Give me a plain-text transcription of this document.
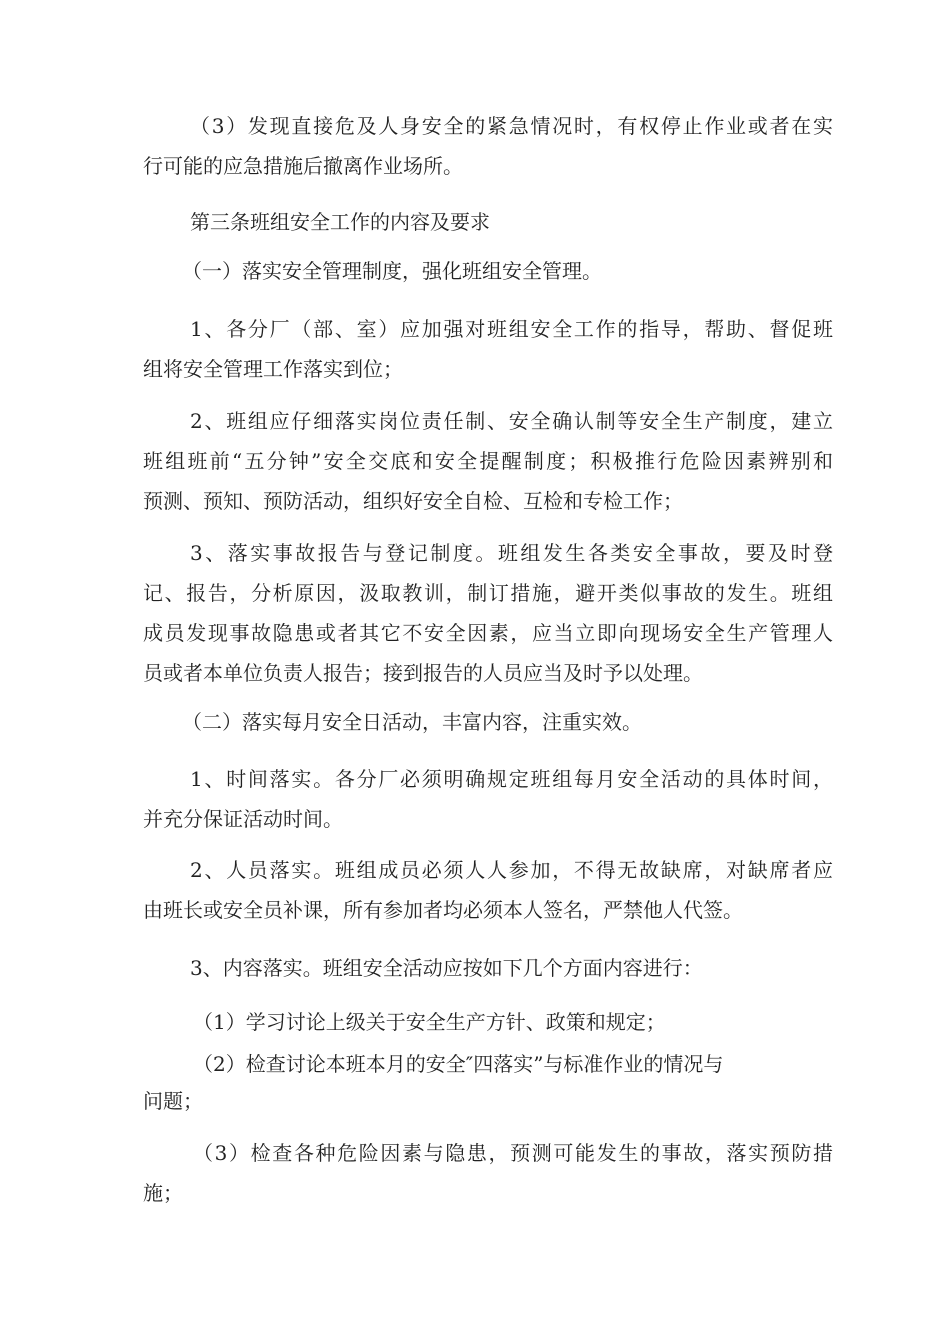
（3）发现直接危及人身安全的紧急情况时，有权停止作业或者在实
行可能的应急措施后撤离作业场所。
第三条班组安全工作的内容及要求
（一）落实安全管理制度，强化班组安全管理。
1、各分厂（部、室）应加强对班组安全工作的指导，帮助、督促班
组将安全管理工作落实到位；
2、班组应仔细落实岗位责任制、安全确认制等安全生产制度，建立
班组班前“五分钟”安全交底和安全提醒制度；积极推行危险因素辨别和
预测、预知、预防活动，组织好安全自检、互检和专检工作；
3、落实事故报告与登记制度。班组发生各类安全事故，要及时登
记、报告，分析原因，汲取教训，制订措施，避开类似事故的发生。班组
成员发现事故隐患或者其它不安全因素，应当立即向现场安全生产管理人
员或者本单位负责人报告；接到报告的人员应当及时予以处理。
（二）落实每月安全日活动，丰富内容，注重实效。
1、时间落实。各分厂必须明确规定班组每月安全活动的具体时间，
并充分保证活动时间。
2、人员落实。班组成员必须人人参加，不得无故缺席，对缺席者应
由班长或安全员补课，所有参加者均必须本人签名，严禁他人代签。
3、内容落实。班组安全活动应按如下几个方面内容进行：
（1）学习讨论上级关于安全生产方针、政策和规定；
（2）检查讨论本班本月的安全″四落实”与标准作业的情况与
问题；
（3）检查各种危险因素与隐患，预测可能发生的事故，落实预防措
施；
